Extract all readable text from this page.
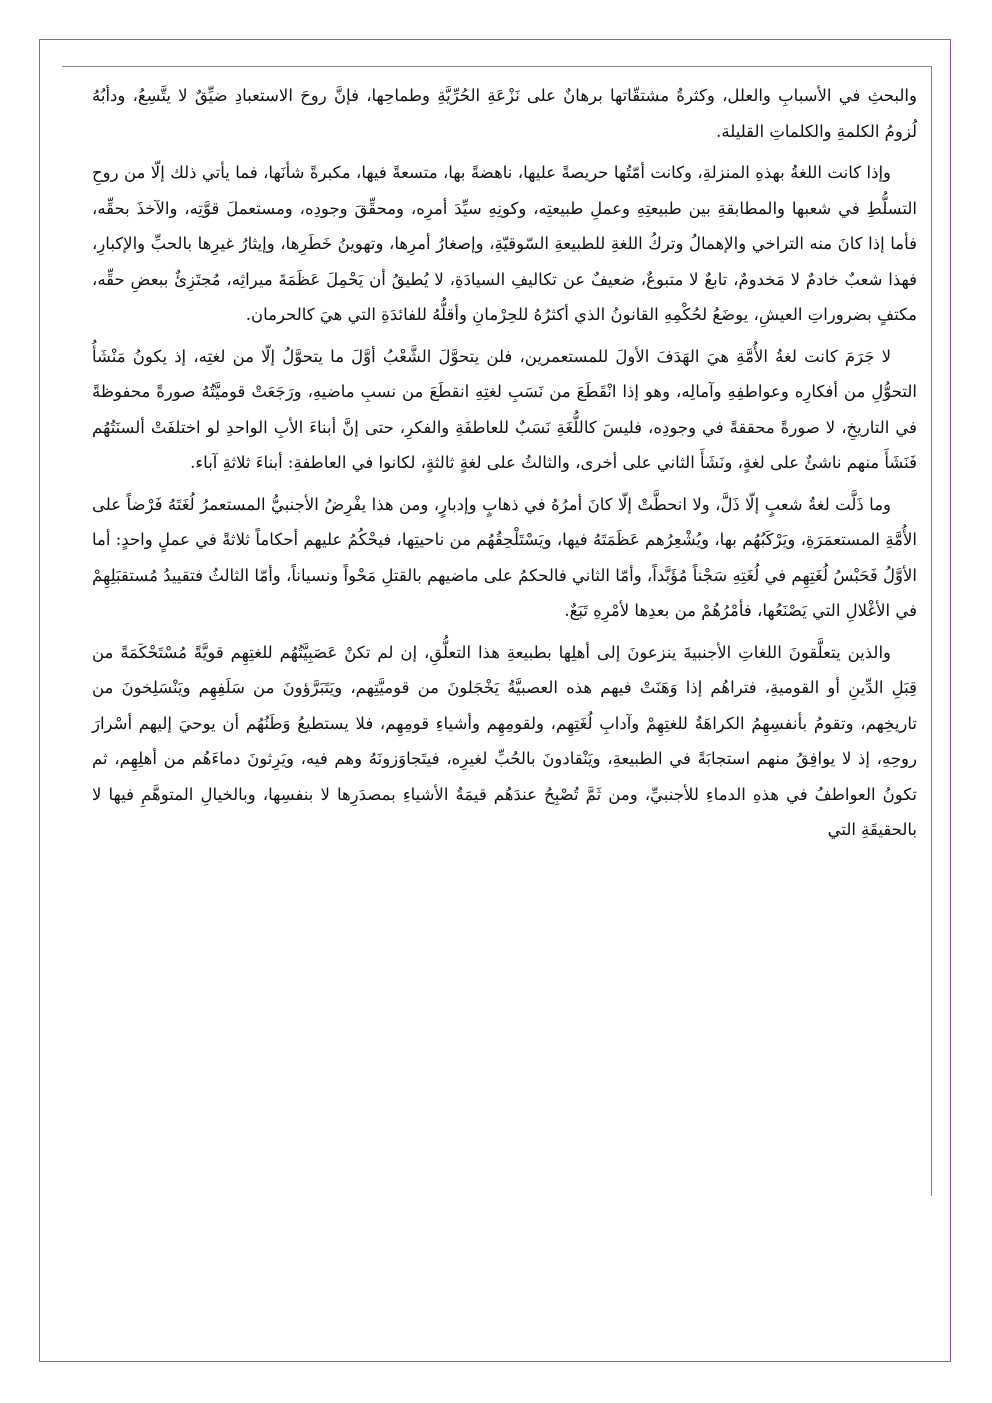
والبحثِ في الأسبابِ والعلل، وكثرةُ مشتقّاتها برهانٌ على نَزْعَةِ الحُرِّيَّةِ وطماحِها، فإنَّ روحَ الاستعبادِ ضيِّقٌ لا يتَّسِعُ، ودأبُهُ لُزومُ الكلمةِ والكلماتِ القليلة.

وإذا كانت اللغةُ بهذهِ المنزلةِ، وكانت أمّتُها حريصةً عليها، ناهضةً بها، متسعةً فيها، مكبرةً شأنَها، فما يأتي ذلك إلّا من روحِ التسلُّطِ في شعبها والمطابقةِ بين طبيعتِهِ وعملِ طبيعتِه، وكونِهِ سيِّدَ أمرِه، ومحقِّقَ وجودِه، ومستعملَ قوَّتِه، والآخذَ بحقِّه، فأما إذا كانَ منه التراخي والإهمالُ وتركُ اللغةِ للطبيعةِ السّوقيّةِ، وإصغارُ أمرِها، وتهوينُ خَطَرِها، وإيثارُ غيرِها بالحبِّ والإكبارِ، فهذا شعبٌ خادمٌ لا مَخدومٌ، تابعٌ لا متبوعٌ، ضعيفٌ عن تكاليفِ السيادَةِ، لا يُطيقُ أن يَحْمِلَ عَظَمَةَ ميراثِه، مُجتَزِئٌ ببعضِ حقِّه، مكتفٍ بضروراتِ العيشِ، يوضَعُ لحُكْمِهِ القانونُ الذي أكثرُهُ للحِرْمانِ وأقلُّهُ للفائدَةِ التي هيَ كالحرمان.

لا جَرَمَ كانت لغةُ الأُمَّةِ هيَ الهَدَفَ الأولَ للمستعمرين، فلن يتحوَّلَ الشَّعْبُ أوَّلَ ما يتحوَّلُ إلّا من لغتِه، إذ يكونُ مَنْشَأُ التحوُّلِ من أفكارِه وعواطفِهِ وآمالِه، وهو إذا انْقَطَعَ من نَسَبِ لغتِهِ انقطَعَ من نسبِ ماضيهِ، ورَجَعَتْ قوميَّتُهُ صورةً محفوظةً في التاريخِ، لا صورةً محققةً في وجودِه، فليسَ كاللُّغَةِ نَسَبٌ للعاطفَةِ والفكرِ، حتى إنَّ أبناءَ الأبِ الواحدِ لو اختلفَتْ ألسنَتُهُم فَنَشَأَ منهم ناشئٌ على لغةٍ، ونَشَأَ الثاني على أخرى، والثالثُ على لغةٍ ثالثةٍ، لكانوا في العاطفةِ: أبناءَ ثلاثةِ آباء.

وما ذَلَّت لغةُ شعبٍ إلّا ذَلَّ، ولا انحطَّتْ إلّا كانَ أمرُهُ في ذهابٍ وإدبارٍ، ومن هذا يفْرِضُ الأجنبيُّ المستعمرُ لُغَتَهُ فَرْضاً على الأُمَّةِ المستعمَرَةِ، ويَرْكَبُهُم بها، ويُشْعِرُهم عَظَمَتَهُ فيها، ويَسْتَلْحِقُهُم من ناحيتِها، فيحْكُمُ عليهم أحكاماً ثلاثةً في عملٍ واحدٍ: أما الأوَّلُ فَحَبْسُ لُغَتِهِم في لُغَتِهِ سَجْناً مُؤَبَّداً، وأمّا الثاني فالحكمُ على ماضيهم بالقتلِ مَحْواً ونسياناً، وأمّا الثالثُ فتقييدُ مُستقبَلِهِمْ في الأغْلالِ التي يَصْنَعُها، فأمْرُهُمْ من بعدِها لأمْرِهِ تَبَعٌ.

والذين يتعلَّقونَ اللغاتِ الأجنبيةَ ينزعونَ إلى أهلِها بطبيعةِ هذا التعلُّقِ، إن لم تكنْ عَصَبِيَّتُهُم للغتِهِم قويَّةً مُسْتَحْكَمَةً من قِبَلِ الدِّينِ أو القوميةِ، فتراهُم إذا وَهَنَتْ فيهم هذه العصبيَّةُ يَخْجَلونَ من قوميَّتِهم، ويَتَبَرَّؤونَ من سَلَفِهِم ويَنْسَلِخونَ من تاريخِهم، وتقومُ بأنفسِهِمُ الكراهَةُ للغتِهِمْ وآدابِ لُغَتِهِم، ولقومِهِم وأشياءِ قومِهِم، فلا يستطيعُ وَطَنُهُم أن يوحيَ إليهم أسْرارَ روحِهِ، إذ لا يوافِقُ منهم استجابَةً في الطبيعةِ، ويَنْقادونَ بالحُبِّ لغيرِه، فيتَجاوَزونَهُ وهم فيه، ويَرِثونَ دماءَهُم من أهلِهِم، ثم تكونُ العواطفُ في هذهِ الدماءِ للأجنبيِّ، ومن ثَمَّ تُصْبِحُ عندَهُم قيمَةُ الأشياءِ بمصدَرِها لا بنفسِها، وبالخيالِ المتوهَّمِ فيها لا بالحقيقَةِ التي
